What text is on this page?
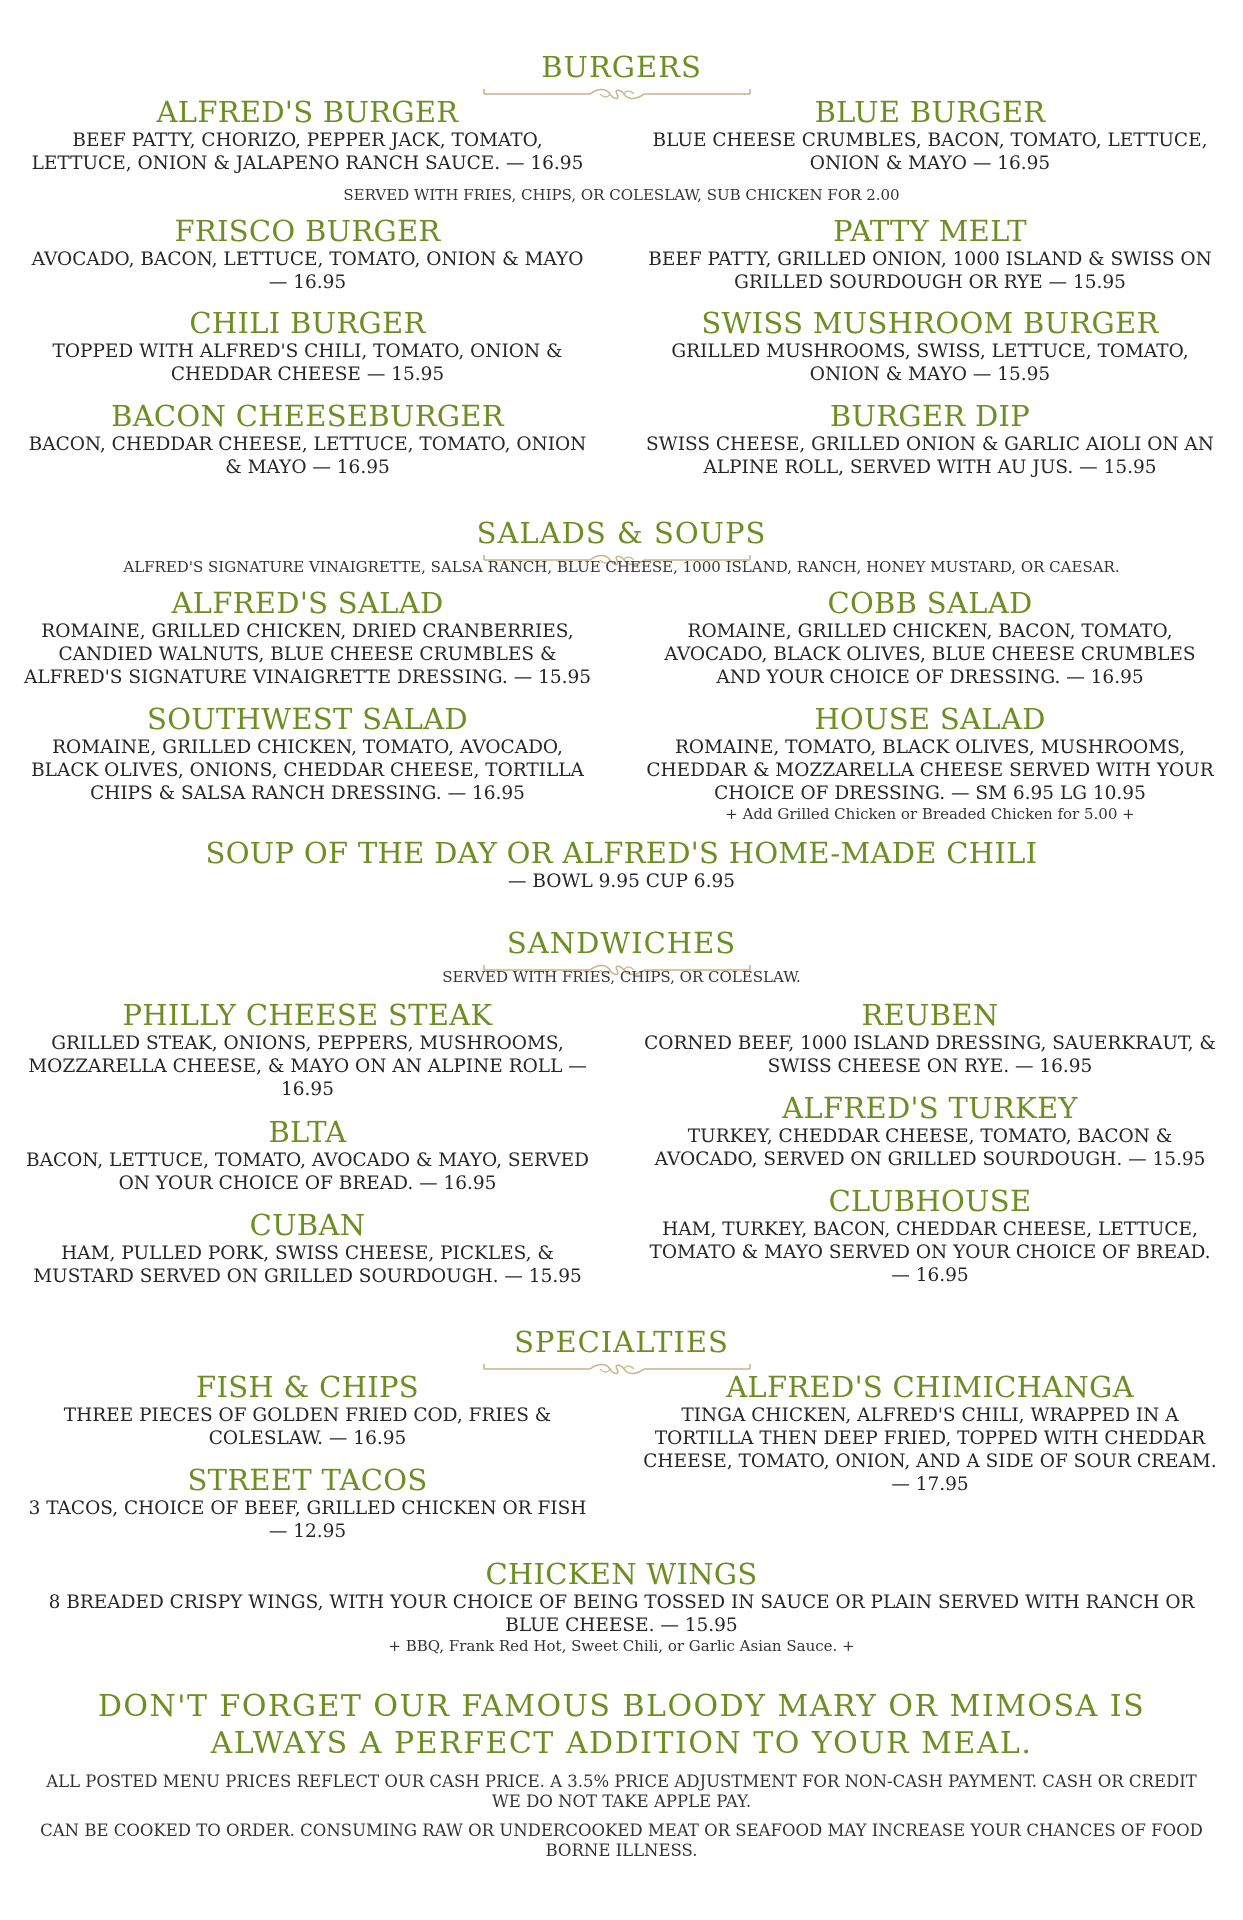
BURGERS
ALFRED'S BURGER
BEEF PATTY, CHORIZO, PEPPER JACK, TOMATO, LETTUCE, ONION & JALAPENO RANCH SAUCE. — 16.95
BLUE BURGER
BLUE CHEESE CRUMBLES, BACON, TOMATO, LETTUCE, ONION & MAYO — 16.95
SERVED WITH FRIES, CHIPS, OR COLESLAW, SUB CHICKEN FOR 2.00
FRISCO BURGER
AVOCADO, BACON, LETTUCE, TOMATO, ONION & MAYO — 16.95
PATTY MELT
BEEF PATTY, GRILLED ONION, 1000 ISLAND & SWISS ON GRILLED SOURDOUGH OR RYE — 15.95
CHILI BURGER
TOPPED WITH ALFRED'S CHILI, TOMATO, ONION & CHEDDAR CHEESE — 15.95
SWISS MUSHROOM BURGER
GRILLED MUSHROOMS, SWISS, LETTUCE, TOMATO, ONION & MAYO — 15.95
BACON CHEESEBURGER
BACON, CHEDDAR CHEESE, LETTUCE, TOMATO, ONION & MAYO — 16.95
BURGER DIP
SWISS CHEESE, GRILLED ONION & GARLIC AIOLI ON AN ALPINE ROLL, SERVED WITH AU JUS. — 15.95
SALADS & SOUPS
ALFRED'S SIGNATURE VINAIGRETTE, SALSA RANCH, BLUE CHEESE, 1000 ISLAND, RANCH, HONEY MUSTARD, OR CAESAR.
ALFRED'S SALAD
ROMAINE, GRILLED CHICKEN, DRIED CRANBERRIES, CANDIED WALNUTS, BLUE CHEESE CRUMBLES & ALFRED'S SIGNATURE VINAIGRETTE DRESSING. — 15.95
COBB SALAD
ROMAINE, GRILLED CHICKEN, BACON, TOMATO, AVOCADO, BLACK OLIVES, BLUE CHEESE CRUMBLES AND YOUR CHOICE OF DRESSING. — 16.95
SOUTHWEST SALAD
ROMAINE, GRILLED CHICKEN, TOMATO, AVOCADO, BLACK OLIVES, ONIONS, CHEDDAR CHEESE, TORTILLA CHIPS & SALSA RANCH DRESSING. — 16.95
HOUSE SALAD
ROMAINE, TOMATO, BLACK OLIVES, MUSHROOMS, CHEDDAR & MOZZARELLA CHEESE SERVED WITH YOUR CHOICE OF DRESSING. — SM 6.95 LG 10.95
+ Add Grilled Chicken or Breaded Chicken for 5.00 +
SOUP OF THE DAY OR ALFRED'S HOME-MADE CHILI
— BOWL 9.95 CUP 6.95
SANDWICHES
SERVED WITH FRIES, CHIPS, OR COLESLAW.
PHILLY CHEESE STEAK
GRILLED STEAK, ONIONS, PEPPERS, MUSHROOMS, MOZZARELLA CHEESE, & MAYO ON AN ALPINE ROLL — 16.95
REUBEN
CORNED BEEF, 1000 ISLAND DRESSING, SAUERKRAUT, & SWISS CHEESE ON RYE. — 16.95
ALFRED'S TURKEY
TURKEY, CHEDDAR CHEESE, TOMATO, BACON & AVOCADO, SERVED ON GRILLED SOURDOUGH. — 15.95
BLTA
BACON, LETTUCE, TOMATO, AVOCADO & MAYO, SERVED ON YOUR CHOICE OF BREAD. — 16.95
CLUBHOUSE
HAM, TURKEY, BACON, CHEDDAR CHEESE, LETTUCE, TOMATO & MAYO SERVED ON YOUR CHOICE OF BREAD. — 16.95
CUBAN
HAM, PULLED PORK, SWISS CHEESE, PICKLES, & MUSTARD SERVED ON GRILLED SOURDOUGH. — 15.95
SPECIALTIES
FISH & CHIPS
THREE PIECES OF GOLDEN FRIED COD, FRIES & COLESLAW. — 16.95
ALFRED'S CHIMICHANGA
TINGA CHICKEN, ALFRED'S CHILI, WRAPPED IN A TORTILLA THEN DEEP FRIED, TOPPED WITH CHEDDAR CHEESE, TOMATO, ONION, AND A SIDE OF SOUR CREAM. — 17.95
STREET TACOS
3 TACOS, CHOICE OF BEEF, GRILLED CHICKEN OR FISH — 12.95
CHICKEN WINGS
8 BREADED CRISPY WINGS, WITH YOUR CHOICE OF BEING TOSSED IN SAUCE OR PLAIN SERVED WITH RANCH OR BLUE CHEESE. — 15.95
+ BBQ, Frank Red Hot, Sweet Chili, or Garlic Asian Sauce. +
DON'T FORGET OUR FAMOUS BLOODY MARY OR MIMOSA IS ALWAYS A PERFECT ADDITION TO YOUR MEAL.
ALL POSTED MENU PRICES REFLECT OUR CASH PRICE. A 3.5% PRICE ADJUSTMENT FOR NON-CASH PAYMENT. CASH OR CREDIT WE DO NOT TAKE APPLE PAY.
CAN BE COOKED TO ORDER. CONSUMING RAW OR UNDERCOOKED MEAT OR SEAFOOD MAY INCREASE YOUR CHANCES OF FOOD BORNE ILLNESS.
